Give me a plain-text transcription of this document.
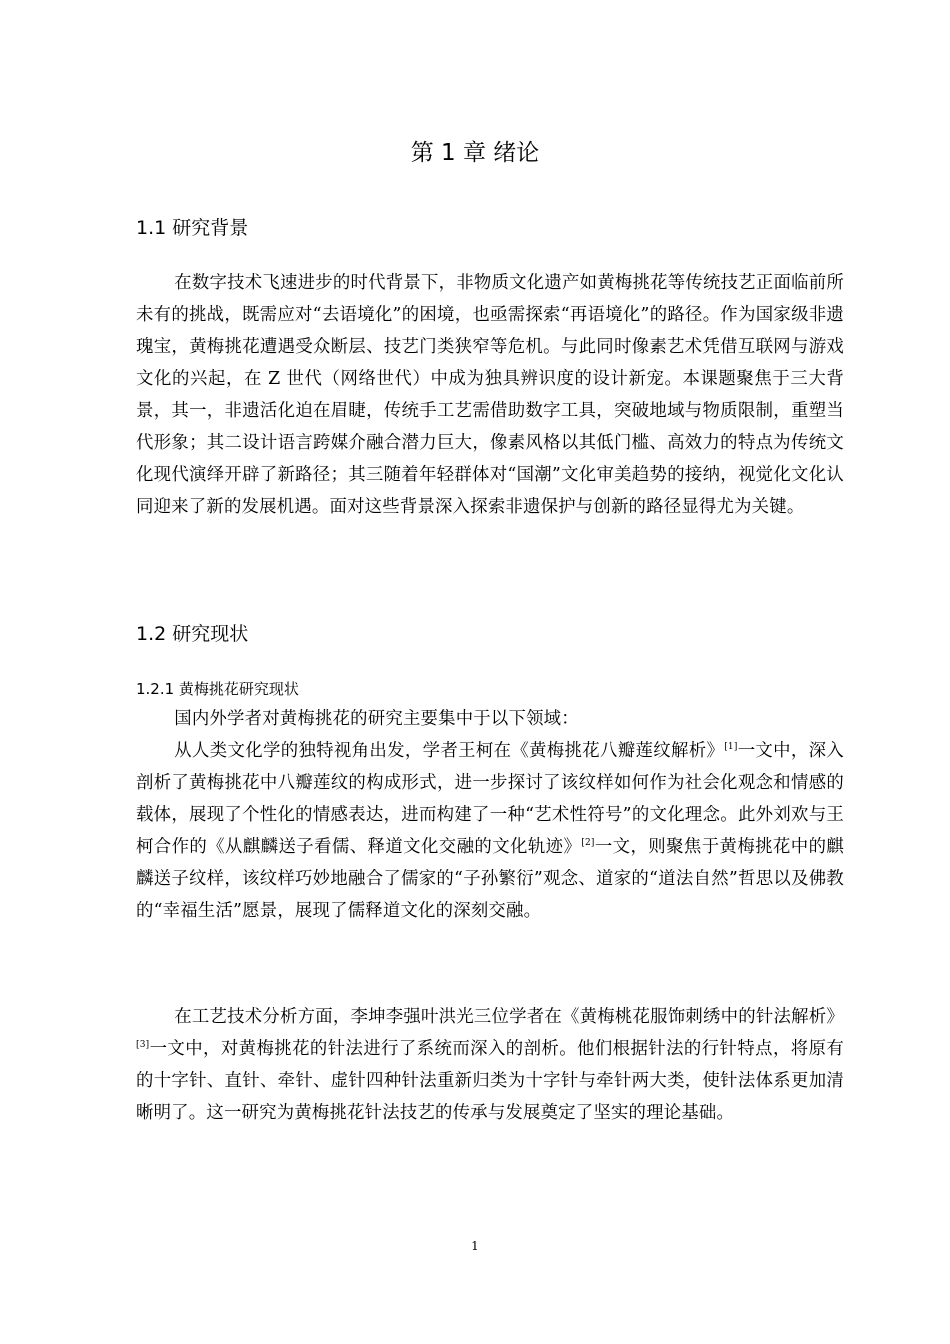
第 1 章 绪论
1.1 研究背景

在数字技术飞速进步的时代背景下，非物质文化遗产如黄梅挑花等传统技艺正面临前所未有的挑战，既需应对“去语境化”的困境，也亟需探索“再语境化”的路径。作为国家级非遗瑰宝，黄梅挑花遭遇受众断层、技艺门类狭窄等危机。与此同时像素艺术凭借互联网与游戏文化的兴起，在 Z 世代（网络世代）中成为独具辨识度的设计新宠。本课题聚焦于三大背景，其一，非遗活化迫在眉睫，传统手工艺需借助数字工具，突破地域与物质限制，重塑当代形象；其二设计语言跨媒介融合潜力巨大，像素风格以其低门槛、高效力的特点为传统文化现代演绎开辟了新路径；其三随着年轻群体对“国潮”文化审美趋势的接纳，视觉化文化认同迎来了新的发展机遇。面对这些背景深入探索非遗保护与创新的路径显得尤为关键。

1.2 研究现状
1.2.1 黄梅挑花研究现状

国内外学者对黄梅挑花的研究主要集中于以下领域：

从人类文化学的独特视角出发，学者王柯在《黄梅挑花八瓣莲纹解析》[1]一文中，深入剖析了黄梅挑花中八瓣莲纹的构成形式，进一步探讨了该纹样如何作为社会化观念和情感的载体，展现了个性化的情感表达，进而构建了一种“艺术性符号”的文化理念。此外刘欢与王柯合作的《从麒麟送子看儒、释道文化交融的文化轨迹》[2]一文，则聚焦于黄梅挑花中的麒麟送子纹样，该纹样巧妙地融合了儒家的“子孙繁衍”观念、道家的“道法自然”哲思以及佛教的“幸福生活”愿景，展现了儒释道文化的深刻交融。

在工艺技术分析方面，李坤李强叶洪光三位学者在《黄梅桃花服饰刺绣中的针法解析》[3]一文中，对黄梅挑花的针法进行了系统而深入的剖析。他们根据针法的行针特点，将原有的十字针、直针、牵针、虚针四种针法重新归类为十字针与牵针两大类，使针法体系更加清晰明了。这一研究为黄梅挑花针法技艺的传承与发展奠定了坚实的理论基础。

1
